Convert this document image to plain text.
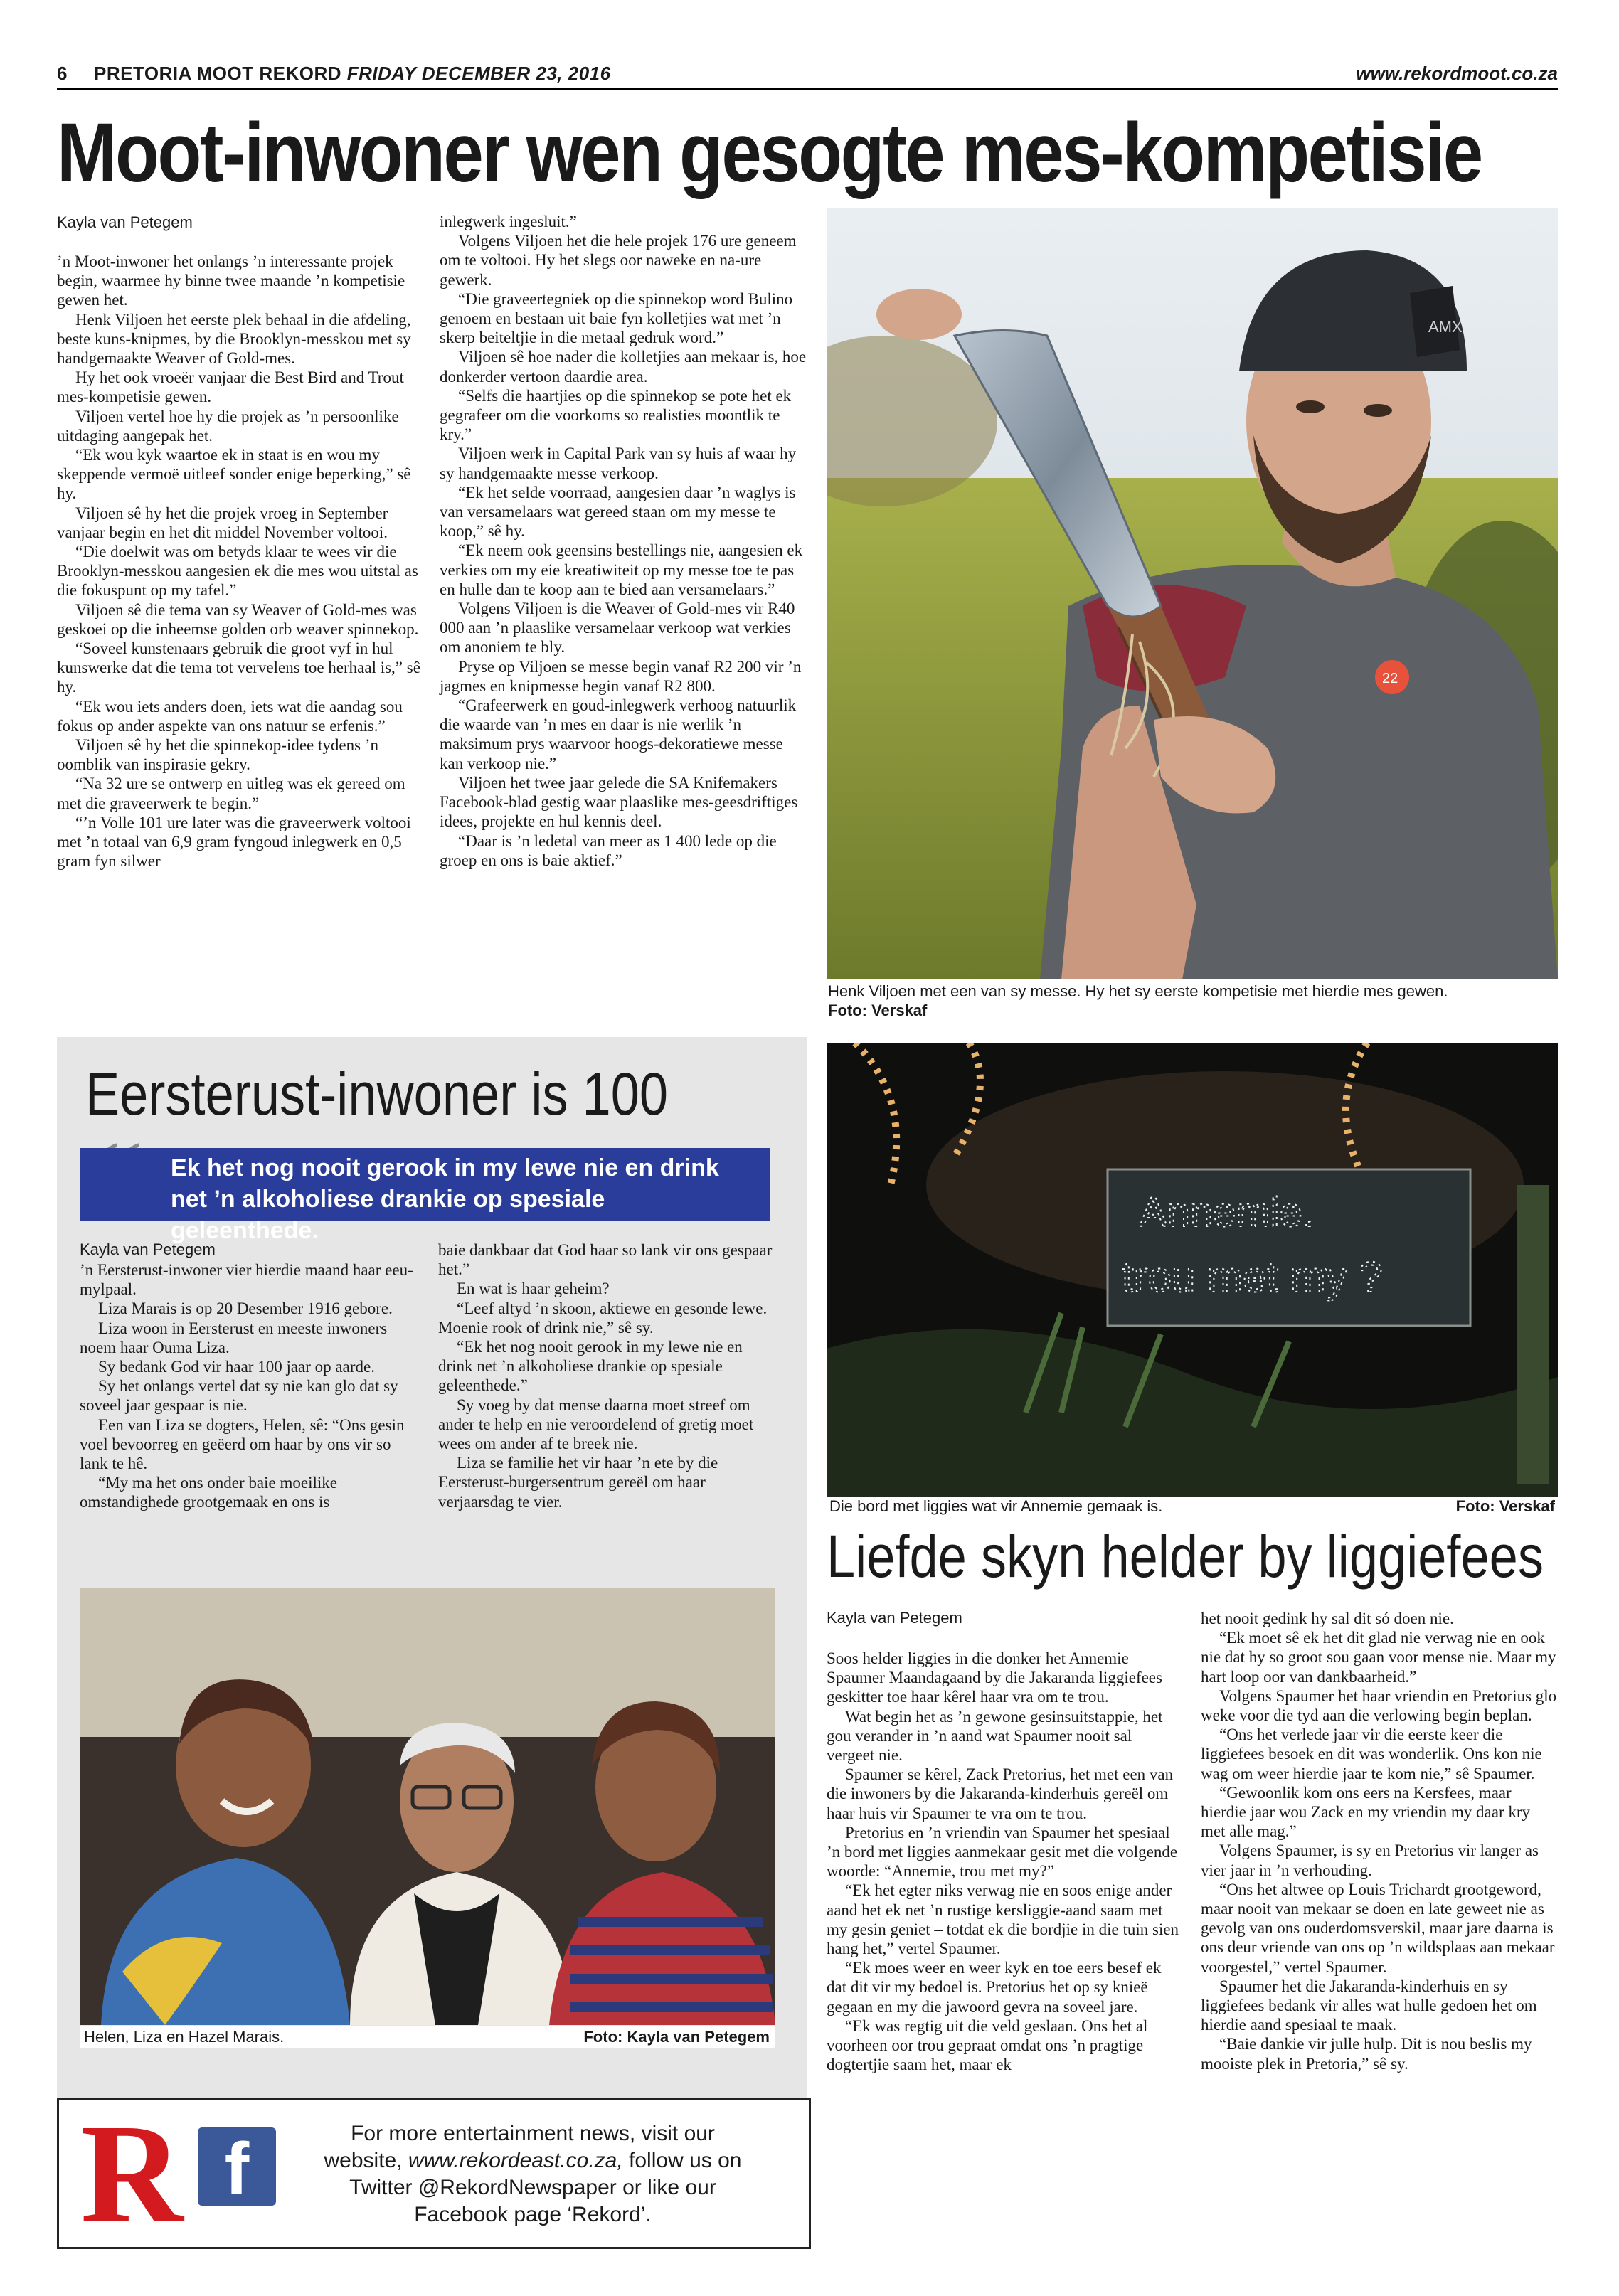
6 PRETORIA MOOT REKORD FRIDAY DECEMBER 23, 2016	www.rekordmoot.co.za
Moot-inwoner wen gesogte mes-kompetisie
Kayla van Petegem

’n Moot-inwoner het onlangs ’n interessante projek begin, waarmee hy binne twee maande ’n kompetisie gewen het.

Henk Viljoen het eerste plek behaal in die afdeling, beste kuns-knipmes, by die Brooklyn-messkou met sy handgemaakte Weaver of Gold-mes.

Hy het ook vroeër vanjaar die Best Bird and Trout mes-kompetisie gewen.

Viljoen vertel hoe hy die projek as ’n persoonlike uitdaging aangepak het.

“Ek wou kyk waartoe ek in staat is en wou my skeppende vermoë uitleef sonder enige beperking,” sê hy.

Viljoen sê hy het die projek vroeg in September vanjaar begin en het dit middel November voltooi.

“Die doelwit was om betyds klaar te wees vir die Brooklyn-messkou aangesien ek die mes wou uitstal as die fokuspunt op my tafel.”

Viljoen sê die tema van sy Weaver of Gold-mes was geskoei op die inheemse golden orb weaver spinnekop.

“Soveel kunstenaars gebruik die groot vyf in hul kunswerke dat die tema tot vervelens toe herhaal is,” sê hy.

“Ek wou iets anders doen, iets wat die aandag sou fokus op ander aspekte van ons natuur se erfenis.”

Viljoen sê hy het die spinnekop-idee tydens ’n oomblik van inspirasie gekry.

“Na 32 ure se ontwerp en uitleg was ek gereed om met die graveerwerk te begin.”

“’n Volle 101 ure later was die graveerwerk voltooi met ’n totaal van 6,9 gram fyngoud inlegwerk en 0,5 gram fyn silwer

inlegwerk ingesluit.”

Volgens Viljoen het die hele projek 176 ure geneem om te voltooi. Hy het slegs oor naweke en na-ure gewerk.

“Die graveertegniek op die spinnekop word Bulino genoem en bestaan uit baie fyn kolletjies wat met ’n skerp beiteltjie in die metaal gedruk word.”

Viljoen sê hoe nader die kolletjies aan mekaar is, hoe donkerder vertoon daardie area.

“Selfs die haartjies op die spinnekop se pote het ek gegrafeer om die voorkoms so realisties moontlik te kry.”

Viljoen werk in Capital Park van sy huis af waar hy sy handgemaakte messe verkoop.

“Ek het selde voorraad, aangesien daar ’n waglys is van versamelaars wat gereed staan om my messe te koop,” sê hy.

“Ek neem ook geensins bestellings nie, aangesien ek verkies om my eie kreatiwiteit op my messe toe te pas en hulle dan te koop aan te bied aan versamelaars.”

Volgens Viljoen is die Weaver of Gold-mes vir R40 000 aan ’n plaaslike versamelaar verkoop wat verkies om anoniem te bly.

Pryse op Viljoen se messe begin vanaf R2 200 vir ’n jagmes en knipmesse begin vanaf R2 800.

“Grafeerwerk en goud-inlegwerk verhoog natuurlik die waarde van ’n mes en daar is nie werlik ’n maksimum prys waarvoor hoogs-dekoratiewe messe kan verkoop nie.”

Viljoen het twee jaar gelede die SA Knifemakers Facebook-blad gestig waar plaaslike mes-geesdriftiges idees, projekte en hul kennis deel.

“Daar is ’n ledetal van meer as 1 400 lede op die groep en ons is baie aktief.”

AMX
22
Henk Viljoen met een van sy messe. Hy het sy eerste kompetisie met hierdie mes gewen.
Foto: Verskaf
Eersterust-inwoner is 100
Ek het nog nooit gerook in my lewe nie en drink net ’n alkoholiese drankie op spesiale geleenthede.
Kayla van Petegem

’n Eersterust-inwoner vier hierdie maand haar eeu-mylpaal.

Liza Marais is op 20 Desember 1916 gebore.

Liza woon in Eersterust en meeste inwoners noem haar Ouma Liza.

Sy bedank God vir haar 100 jaar op aarde.

Sy het onlangs vertel dat sy nie kan glo dat sy soveel jaar gespaar is nie.

Een van Liza se dogters, Helen, sê: “Ons gesin voel bevoorreg en geëerd om haar by ons vir so lank te hê.

“My ma het ons onder baie moeilike omstandighede grootgemaak en ons is

baie dankbaar dat God haar so lank vir ons gespaar het.”

En wat is haar geheim?

“Leef altyd ’n skoon, aktiewe en gesonde lewe. Moenie rook of drink nie,” sê sy.

“Ek het nog nooit gerook in my lewe nie en drink net ’n alkoholiese drankie op spesiale geleenthede.”

Sy voeg by dat mense daarna moet streef om ander te help en nie veroordelend of gretig moet wees om ander af te breek nie.

Liza se familie het vir haar ’n ete by die Eersterust-burgersentrum gereël om haar verjaarsdag te vier.

Helen, Liza en Hazel Marais.	Foto: Kayla van Petegem
R f	For more entertainment news, visit our website, www.rekordeast.co.za, follow us on Twitter @RekordNewspaper or like our Facebook page ‘Rekord’.
Annemie.
trou met my ?
Die bord met liggies wat vir Annemie gemaak is.	Foto: Verskaf
Liefde skyn helder by liggiefees
Kayla van Petegem

Soos helder liggies in die donker het Annemie Spaumer Maandagaand by die Jakaranda liggiefees geskitter toe haar kêrel haar vra om te trou.

Wat begin het as ’n gewone gesinsuitstappie, het gou verander in ’n aand wat Spaumer nooit sal vergeet nie.

Spaumer se kêrel, Zack Pretorius, het met een van die inwoners by die Jakaranda-kinderhuis gereël om haar huis vir Spaumer te vra om te trou.

Pretorius en ’n vriendin van Spaumer het spesiaal ’n bord met liggies aanmekaar gesit met die volgende woorde: “Annemie, trou met my?”

“Ek het egter niks verwag nie en soos enige ander aand het ek net ’n rustige kersliggie-aand saam met my gesin geniet – totdat ek die bordjie in die tuin sien hang het,” vertel Spaumer.

“Ek moes weer en weer kyk en toe eers besef ek dat dit vir my bedoel is. Pretorius het op sy knieë gegaan en my die jawoord gevra na soveel jare.

“Ek was regtig uit die veld geslaan. Ons het al voorheen oor trou gepraat omdat ons ’n pragtige dogtertjie saam het, maar ek

het nooit gedink hy sal dit só doen nie.

“Ek moet sê ek het dit glad nie verwag nie en ook nie dat hy so groot sou gaan voor mense nie. Maar my hart loop oor van dankbaarheid.”

Volgens Spaumer het haar vriendin en Pretorius glo weke voor die tyd aan die verlowing begin beplan.

“Ons het verlede jaar vir die eerste keer die liggiefees besoek en dit was wonderlik. Ons kon nie wag om weer hierdie jaar te kom nie,” sê Spaumer.

“Gewoonlik kom ons eers na Kersfees, maar hierdie jaar wou Zack en my vriendin my daar kry met alle mag.”

Volgens Spaumer, is sy en Pretorius vir langer as vier jaar in ’n verhouding.

“Ons het altwee op Louis Trichardt grootgeword, maar nooit van mekaar se doen en late geweet nie as gevolg van ons ouderdomsverskil, maar jare daarna is ons deur vriende van ons op ’n wildsplaas aan mekaar voorgestel,” vertel Spaumer.

Spaumer het die Jakaranda-kinderhuis en sy liggiefees bedank vir alles wat hulle gedoen het om hierdie aand spesiaal te maak.

“Baie dankie vir julle hulp. Dit is nou beslis my mooiste plek in Pretoria,” sê sy.
